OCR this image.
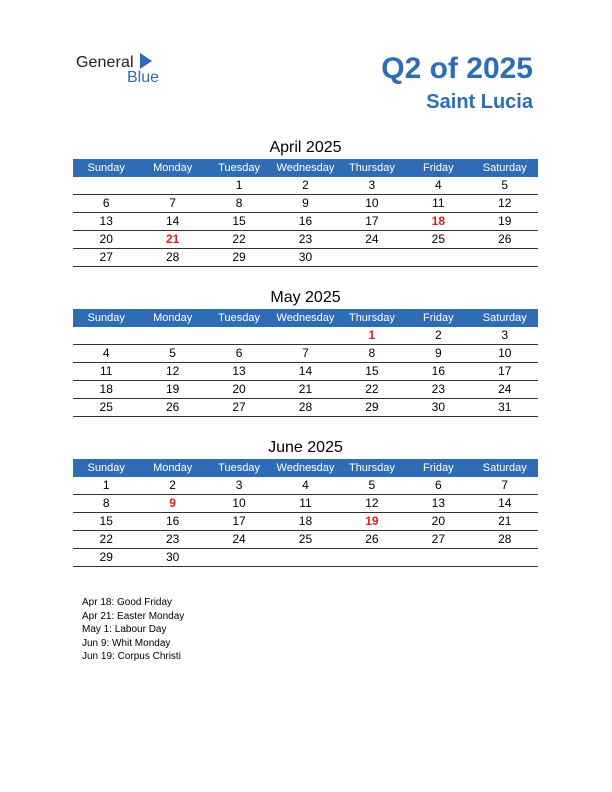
General
Blue	Q2 of 2025
Saint Lucia
April 2025
Sunday	Monday	Tuesday	Wednesday	Thursday	Friday	Saturday
		1	2	3	4	5
6	7	8	9	10	11	12
13	14	15	16	17	18	19
20	21	22	23	24	25	26
27	28	29	30			
May 2025
Sunday	Monday	Tuesday	Wednesday	Thursday	Friday	Saturday
				1	2	3
4	5	6	7	8	9	10
11	12	13	14	15	16	17
18	19	20	21	22	23	24
25	26	27	28	29	30	31
June 2025
Sunday	Monday	Tuesday	Wednesday	Thursday	Friday	Saturday
1	2	3	4	5	6	7
8	9	10	11	12	13	14
15	16	17	18	19	20	21
22	23	24	25	26	27	28
29	30					
Apr 18: Good Friday
Apr 21: Easter Monday
May 1: Labour Day
Jun 9: Whit Monday
Jun 19: Corpus Christi
